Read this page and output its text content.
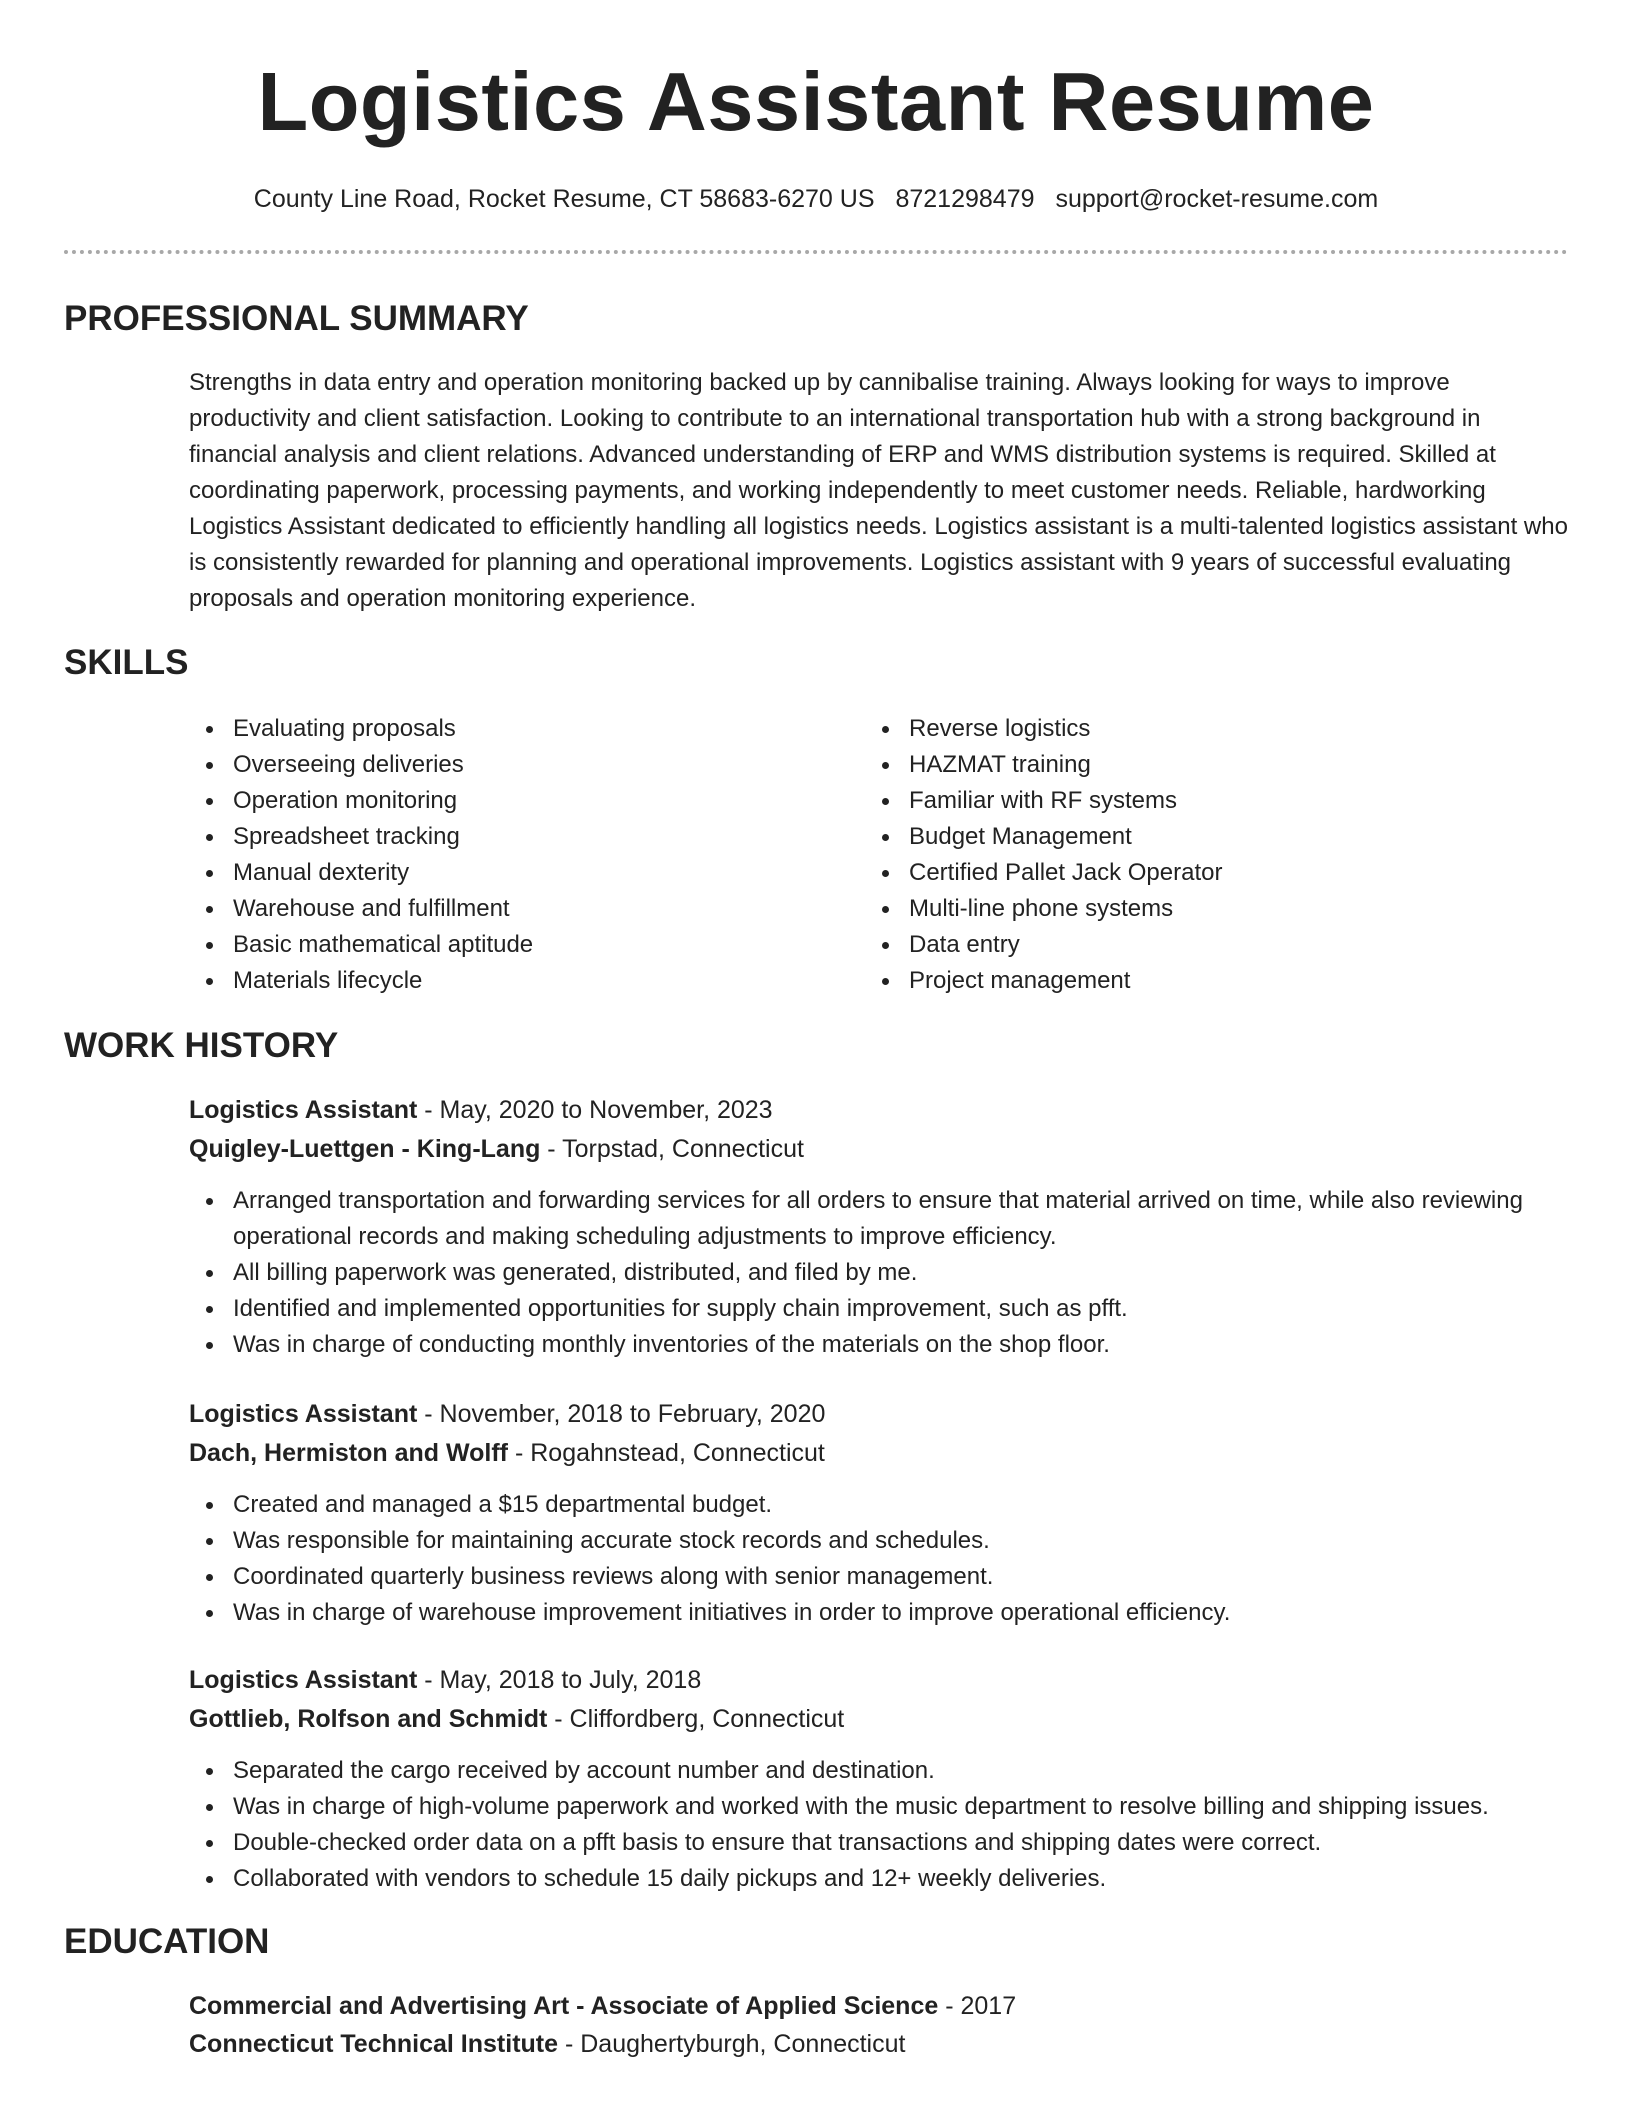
Logistics Assistant Resume
County Line Road, Rocket Resume, CT 58683-6270 US 8721298479 support@rocket-resume.com
PROFESSIONAL SUMMARY

Strengths in data entry and operation monitoring backed up by cannibalise training. Always looking for ways to improve productivity and client satisfaction. Looking to contribute to an international transportation hub with a strong background in financial analysis and client relations. Advanced understanding of ERP and WMS distribution systems is required. Skilled at coordinating paperwork, processing payments, and working independently to meet customer needs. Reliable, hardworking Logistics Assistant dedicated to efficiently handling all logistics needs. Logistics assistant is a multi-talented logistics assistant who is consistently rewarded for planning and operational improvements. Logistics assistant with 9 years of successful evaluating proposals and operation monitoring experience.

SKILLS
Evaluating proposals
Overseeing deliveries
Operation monitoring
Spreadsheet tracking
Manual dexterity
Warehouse and fulfillment
Basic mathematical aptitude
Materials lifecycle
Reverse logistics
HAZMAT training
Familiar with RF systems
Budget Management
Certified Pallet Jack Operator
Multi-line phone systems
Data entry
Project management
WORK HISTORY
Logistics Assistant - May, 2020 to November, 2023
Quigley-Luettgen - King-Lang - Torpstad, Connecticut
Arranged transportation and forwarding services for all orders to ensure that material arrived on time, while also reviewing operational records and making scheduling adjustments to improve efficiency.
All billing paperwork was generated, distributed, and filed by me.
Identified and implemented opportunities for supply chain improvement, such as pfft.
Was in charge of conducting monthly inventories of the materials on the shop floor.
Logistics Assistant - November, 2018 to February, 2020
Dach, Hermiston and Wolff - Rogahnstead, Connecticut
Created and managed a $15 departmental budget.
Was responsible for maintaining accurate stock records and schedules.
Coordinated quarterly business reviews along with senior management.
Was in charge of warehouse improvement initiatives in order to improve operational efficiency.
Logistics Assistant - May, 2018 to July, 2018
Gottlieb, Rolfson and Schmidt - Cliffordberg, Connecticut
Separated the cargo received by account number and destination.
Was in charge of high-volume paperwork and worked with the music department to resolve billing and shipping issues.
Double-checked order data on a pfft basis to ensure that transactions and shipping dates were correct.
Collaborated with vendors to schedule 15 daily pickups and 12+ weekly deliveries.
EDUCATION
Commercial and Advertising Art - Associate of Applied Science - 2017
Connecticut Technical Institute - Daughertyburgh, Connecticut
